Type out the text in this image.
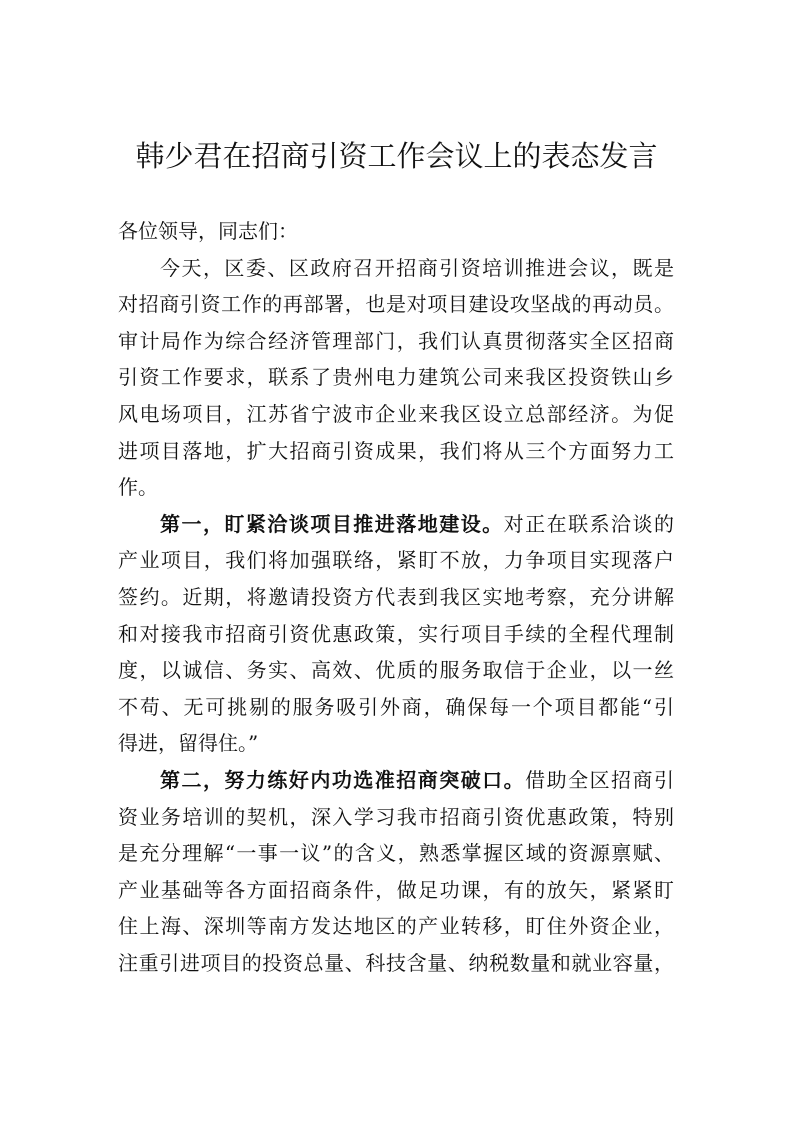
韩少君在招商引资工作会议上的表态发言
各位领导，同志们：
今天，区委、区政府召开招商引资培训推进会议，既是
对招商引资工作的再部署，也是对项目建设攻坚战的再动员。
审计局作为综合经济管理部门，我们认真贯彻落实全区招商
引资工作要求，联系了贵州电力建筑公司来我区投资铁山乡
风电场项目，江苏省宁波市企业来我区设立总部经济。为促
进项目落地，扩大招商引资成果，我们将从三个方面努力工
作。
第一，盯紧洽谈项目推进落地建设。对正在联系洽谈的
产业项目，我们将加强联络，紧盯不放，力争项目实现落户
签约。近期，将邀请投资方代表到我区实地考察，充分讲解
和对接我市招商引资优惠政策，实行项目手续的全程代理制
度，以诚信、务实、高效、优质的服务取信于企业，以一丝
不苟、无可挑剔的服务吸引外商，确保每一个项目都能“引
得进，留得住。”
第二，努力练好内功选准招商突破口。借助全区招商引
资业务培训的契机，深入学习我市招商引资优惠政策，特别
是充分理解“一事一议”的含义，熟悉掌握区域的资源禀赋、
产业基础等各方面招商条件，做足功课，有的放矢，紧紧盯
住上海、深圳等南方发达地区的产业转移，盯住外资企业，
注重引进项目的投资总量、科技含量、纳税数量和就业容量，
